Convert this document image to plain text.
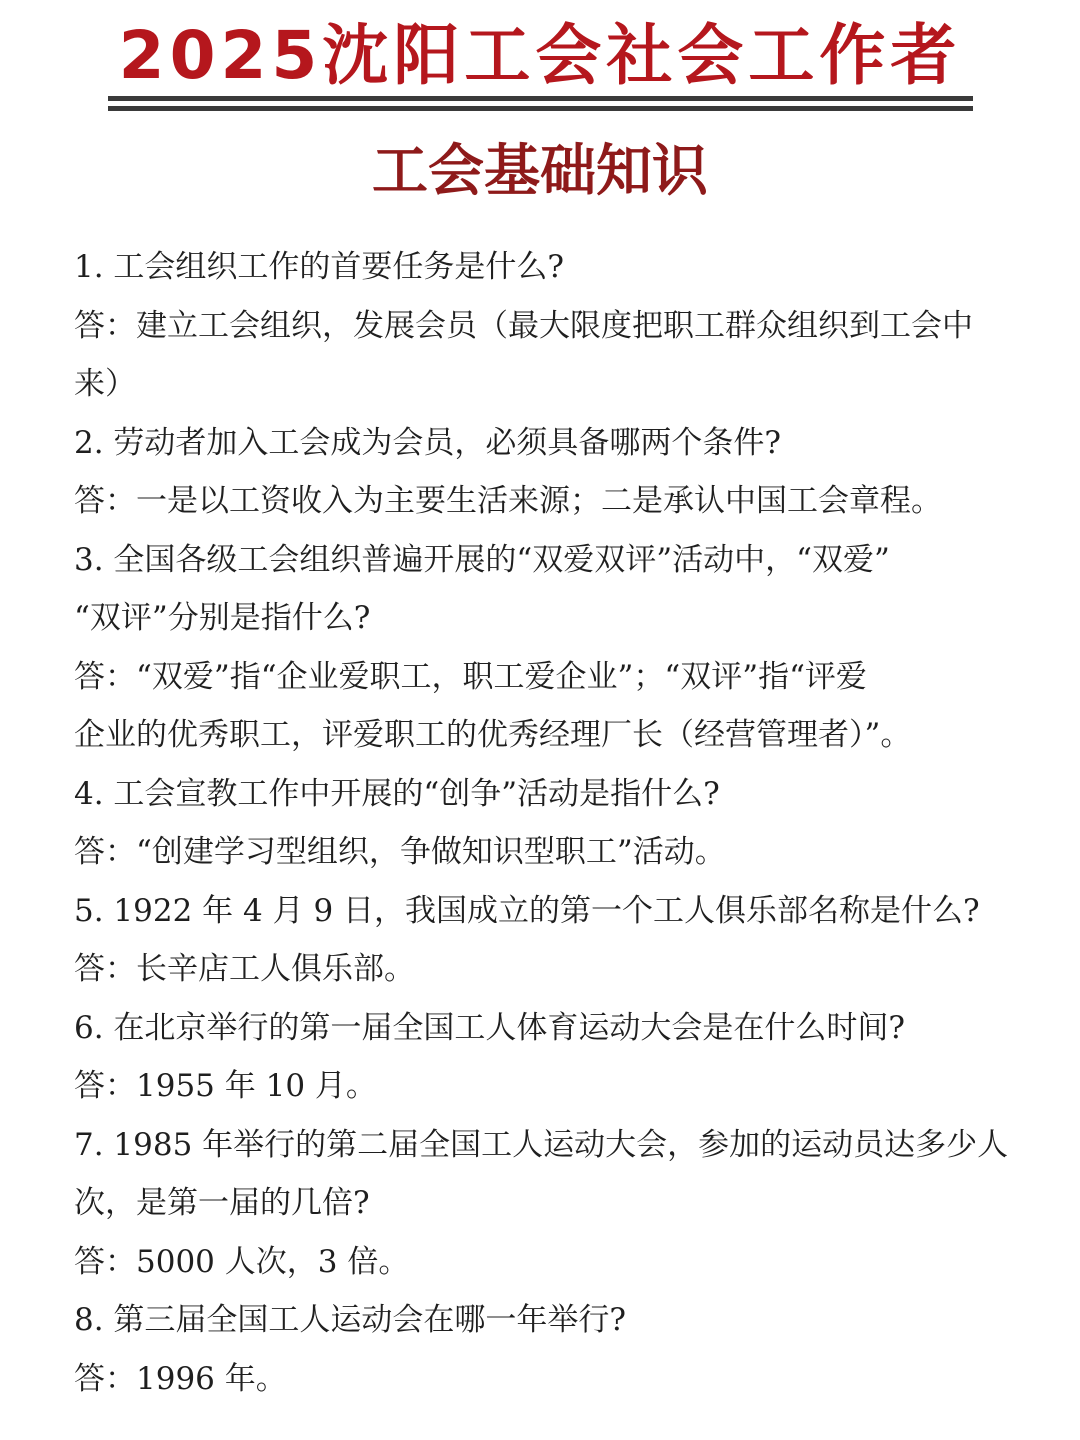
2025沈阳工会社会工作者
工会基础知识
1. 工会组织工作的首要任务是什么?
答：建立工会组织，发展会员（最大限度把职工群众组织到工会中
来）
2. 劳动者加入工会成为会员，必须具备哪两个条件?
答：一是以工资收入为主要生活来源；二是承认中国工会章程。
3. 全国各级工会组织普遍开展的“双爱双评”活动中，“双爱”
“双评”分别是指什么?
答：“双爱”指“企业爱职工，职工爱企业”；“双评”指“评爱
企业的优秀职工，评爱职工的优秀经理厂长（经营管理者）”。
4. 工会宣教工作中开展的“创争”活动是指什么?
答：“创建学习型组织，争做知识型职工”活动。
5. 1922 年 4 月 9 日，我国成立的第一个工人俱乐部名称是什么?
答：长辛店工人俱乐部。
6. 在北京举行的第一届全国工人体育运动大会是在什么时间?
答：1955 年 10 月。
7. 1985 年举行的第二届全国工人运动大会，参加的运动员达多少人
次，是第一届的几倍?
答：5000 人次，3 倍。
8. 第三届全国工人运动会在哪一年举行?
答：1996 年。
